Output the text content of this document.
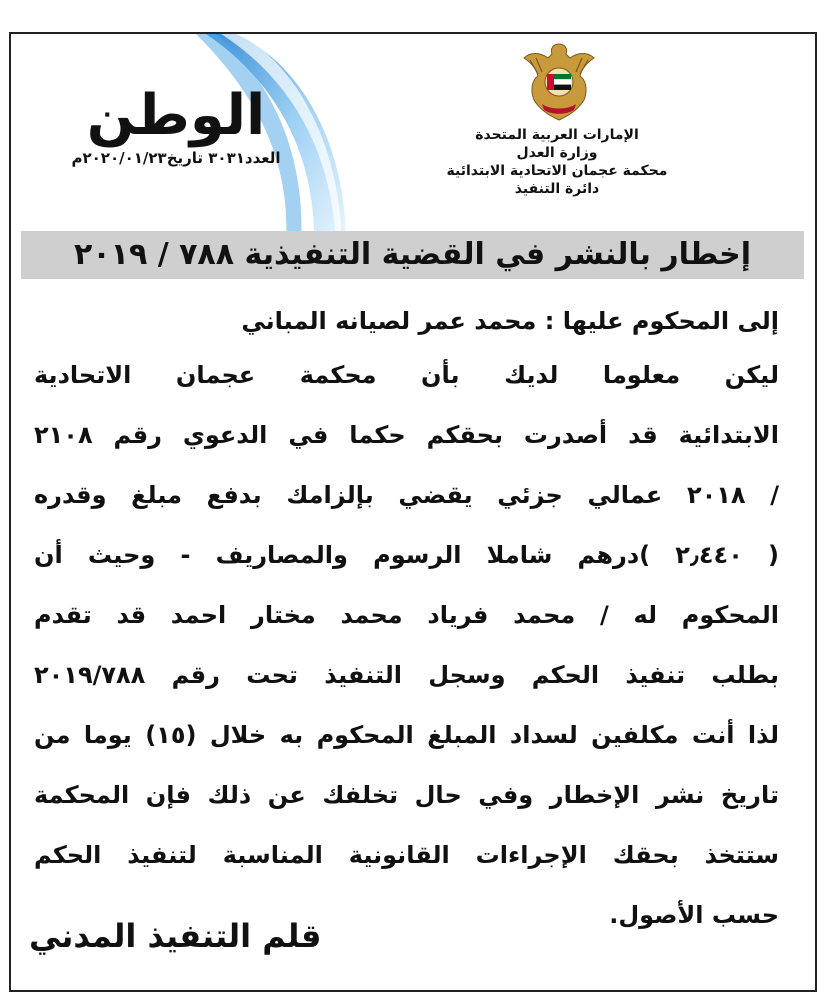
الإمارات العربية المتحدة
وزارة العدل
محكمة عجمان الاتحادية الابتدائية
دائرة التنفيذ
الوطن
العدد٣٠٣١ تاريخ٢٠٢٠/٠١/٢٣م
إخطار بالنشر في القضية التنفيذية ٧٨٨ / ٢٠١٩
إلى المحكوم عليها : محمد عمر لصيانه المباني
ليكن معلوما لديك بأن محكمة عجمان الاتحادية
الابتدائية قد أصدرت بحقكم حكما في الدعوي رقم ٢١٠٨
/ ٢٠١٨ عمالي جزئي يقضي بإلزامك بدفع مبلغ وقدره
( ٢٫٤٤٠ )درهم شاملا الرسوم والمصاريف - وحيث أن
المحكوم له / محمد فرياد محمد مختار احمد قد تقدم
بطلب تنفيذ الحكم وسجل التنفيذ تحت رقم ٢٠١٩/٧٨٨
لذا أنت مكلفين لسداد المبلغ المحكوم به خلال (١٥) يوما من
تاريخ نشر الإخطار وفي حال تخلفك عن ذلك فإن المحكمة
ستتخذ بحقك الإجراءات القانونية المناسبة لتنفيذ الحكم
حسب الأصول.
قلم التنفيذ المدني
